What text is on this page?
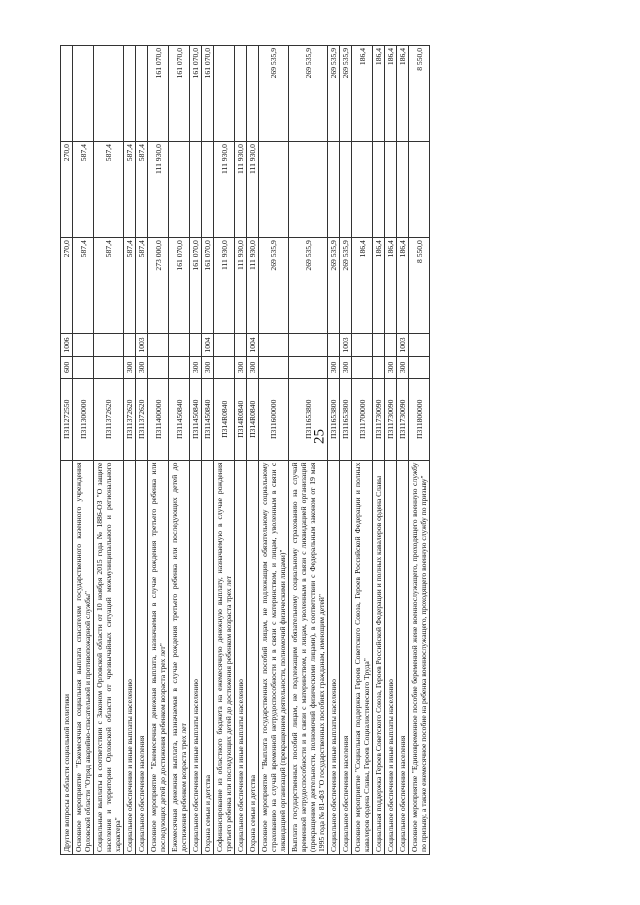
25
Другие вопросы в области социальной политики	П311272550	600	1006	270,0	270,0	
Основное мероприятие "Ежемесячная социальная выплата спасателям государственного казенного учреждения Орловской области "Отряд аварийно-спасательной и противопожарной службы"	П311300000			587,4	587,4	
Социальные выплаты в соответствии с Законом Орловской области от 10 ноября 2015 года № 1886-ОЗ "О защите населения и территории Орловской области от чрезвычайных ситуаций межмуниципального и регионального характера"	П311372620			587,4	587,4	
Социальное обеспечение и иные выплаты населению	П311372620	300		587,4	587,4	
Социальное обеспечение населения	П311372620	300	1003	587,4	587,4	
Основное мероприятие "Ежемесячная денежная выплата, назначаемая в случае рождения третьего ребенка или последующих детей до достижения ребенком возраста трех лет"	П311400000			273 000,0	111 930,0	161 070,0
Ежемесячная денежная выплата, назначаемая в случае рождения третьего ребенка или последующих детей до достижения ребенком возраста трех лет	П311450840			161 070,0		161 070,0
Социальное обеспечение и иные выплаты населению	П311450840	300		161 070,0		161 070,0
Охрана семьи и детства	П311450840	300	1004	161 070,0		161 070,0
Софинансирование из областного бюджета на ежемесячную денежную выплату, назначаемую в случае рождения третьего ребенка или последующих детей до достижения ребенком возраста трех лет	П314R0840			111 930,0	111 930,0	
Социальное обеспечение и иные выплаты населению	П314R0840	300		111 930,0	111 930,0	
Охрана семьи и детства	П314R0840	300	1004	111 930,0	111 930,0	
Основное мероприятие "Выплата государственных пособий лицам, не подлежащим обязательному социальному страхованию на случай временной нетрудоспособности и в связи с материнством, и лицам, уволенным в связи с ликвидацией организаций (прекращением деятельности, полномочий физическими лицами)"	П311600000			269 535,9		269 535,9
Выплата государственных пособий лицам, не подлежащим обязательному социальному страхованию на случай временной нетрудоспособности и в связи с материнством, и лицам, уволенным в связи с ликвидацией организаций (прекращением деятельности, полномочий физическими лицами), в соответствии с Федеральным законом от 19 мая 1995 года № 81-ФЗ "О государственных пособиях гражданам, имеющим детей"	П311653800			269 535,9		269 535,9
Социальное обеспечение и иные выплаты населению	П311653800	300		269 535,9		269 535,9
Социальное обеспечение населения	П311653800	300	1003	269 535,9		269 535,9
Основное мероприятие "Социальная поддержка Героев Советского Союза, Героев Российской Федерации и полных кавалеров ордена Славы, Героев Социалистического Труда"	П311700000			186,4		186,4
Социальная поддержка Героев Советского Союза, Героев Российской Федерации и полных кавалеров ордена Славы	П311730090			186,4		186,4
Социальное обеспечение и иные выплаты населению	П311730090	300		186,4		186,4
Социальное обеспечение населения	П311730090	300	1003	186,4		186,4
Основное мероприятие "Единовременное пособие беременной жене военнослужащего, проходящего военную службу по призыву, а также ежемесячное пособие на ребенка военнослужащего, проходящего военную службу по призыву"	П311800000			8 550,0		8 550,0
